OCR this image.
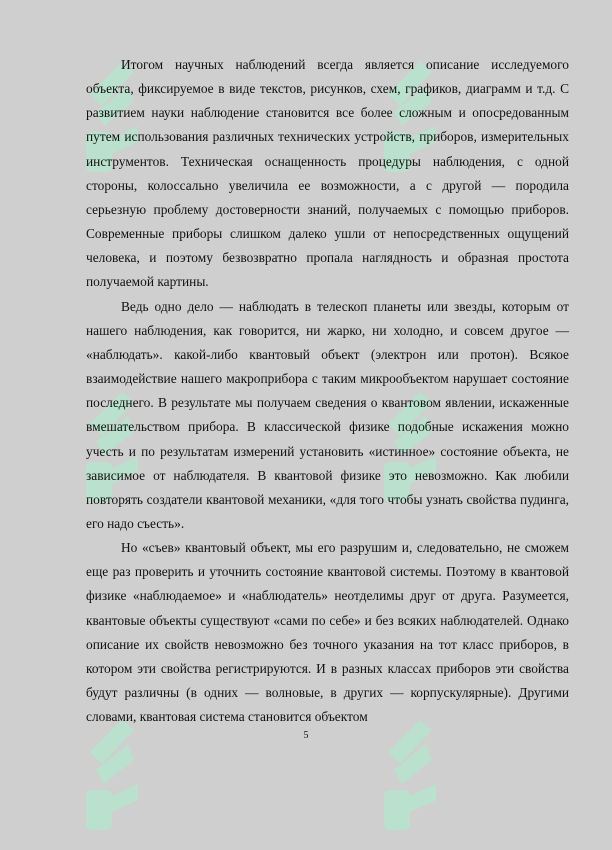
Итогом научных наблюдений всегда является описание исследуемого объекта, фиксируемое в виде текстов, рисунков, схем, графиков, диаграмм и т.д. С развитием науки наблюдение становится все более сложным и опосредованным путем использования различных технических устройств, приборов, измерительных инструментов. Техническая оснащенность процедуры наблюдения, с одной стороны, колоссально увеличила ее возможности, а с другой — породила серьезную проблему достоверности знаний, получаемых с помощью приборов. Современные приборы слишком далеко ушли от непосредственных ощущений человека, и поэтому безвозвратно пропала наглядность и образная простота получаемой картины.

Ведь одно дело — наблюдать в телескоп планеты или звезды, которым от нашего наблюдения, как говорится, ни жарко, ни холодно, и совсем другое — «наблюдать». какой-либо квантовый объект (электрон или протон). Всякое взаимодействие нашего макроприбора с таким микрообъектом нарушает состояние последнего. В результате мы получаем сведения о квантовом явлении, искаженные вмешательством прибора. В классической физике подобные искажения можно учесть и по результатам измерений установить «истинное» состояние объекта, не зависимое от наблюдателя. В квантовой физике это невозможно. Как любили повторять создатели квантовой механики, «для того чтобы узнать свойства пудинга, его надо съесть».

Но «съев» квантовый объект, мы его разрушим и, следовательно, не сможем еще раз проверить и уточнить состояние квантовой системы. Поэтому в квантовой физике «наблюдаемое» и «наблюдатель» неотделимы друг от друга. Разумеется, квантовые объекты существуют «сами по себе» и без всяких наблюдателей. Однако описание их свойств невозможно без точного указания на тот класс приборов, в котором эти свойства регистрируются. И в разных классах приборов эти свойства будут различны (в одних — волновые, в других — корпускулярные). Другими словами, квантовая система становится объектом

5
